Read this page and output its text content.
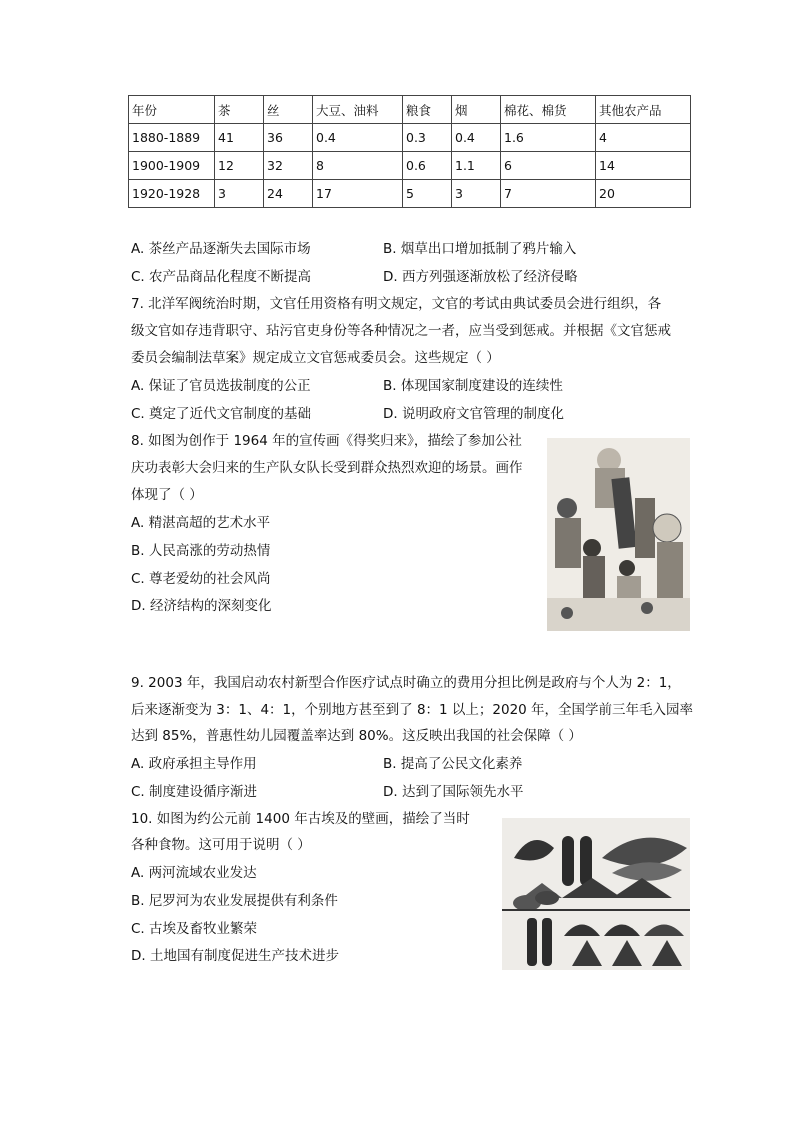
年份	茶	丝	大豆、油料	粮食	烟	棉花、棉货	其他农产品
1880-1889	41	36	0.4	0.3	0.4	1.6	4
1900-1909	12	32	8	0.6	1.1	6	14
1920-1928	3	24	17	5	3	7	20
A. 茶丝产品逐渐失去国际市场	B. 烟草出口增加抵制了鸦片输入
C. 农产品商品化程度不断提高	D. 西方列强逐渐放松了经济侵略
7. 北洋军阀统治时期，文官任用资格有明文规定，文官的考试由典试委员会进行组织，各
级文官如存违背职守、玷污官吏身份等各种情况之一者，应当受到惩戒。并根据《文官惩戒
委员会编制法草案》规定成立文官惩戒委员会。这些规定（ ）
A. 保证了官员选拔制度的公正	B. 体现国家制度建设的连续性
C. 奠定了近代文官制度的基础	D. 说明政府文官管理的制度化
8. 如图为创作于 1964 年的宣传画《得奖归来》，描绘了参加公社
庆功表彰大会归来的生产队女队长受到群众热烈欢迎的场景。画作
体现了（ ）
A. 精湛高超的艺术水平
B. 人民高涨的劳动热情
C. 尊老爱幼的社会风尚
D. 经济结构的深刻变化
9. 2003 年，我国启动农村新型合作医疗试点时确立的费用分担比例是政府与个人为 2：1，
后来逐渐变为 3：1、4：1，个别地方甚至到了 8：1 以上；2020 年，全国学前三年毛入园率
达到 85%，普惠性幼儿园覆盖率达到 80%。这反映出我国的社会保障（ ）
A. 政府承担主导作用	B. 提高了公民文化素养
C. 制度建设循序渐进	D. 达到了国际领先水平
10. 如图为约公元前 1400 年古埃及的壁画，描绘了当时
各种食物。这可用于说明（ ）
A. 两河流域农业发达
B. 尼罗河为农业发展提供有利条件
C. 古埃及畜牧业繁荣
D. 土地国有制度促进生产技术进步
